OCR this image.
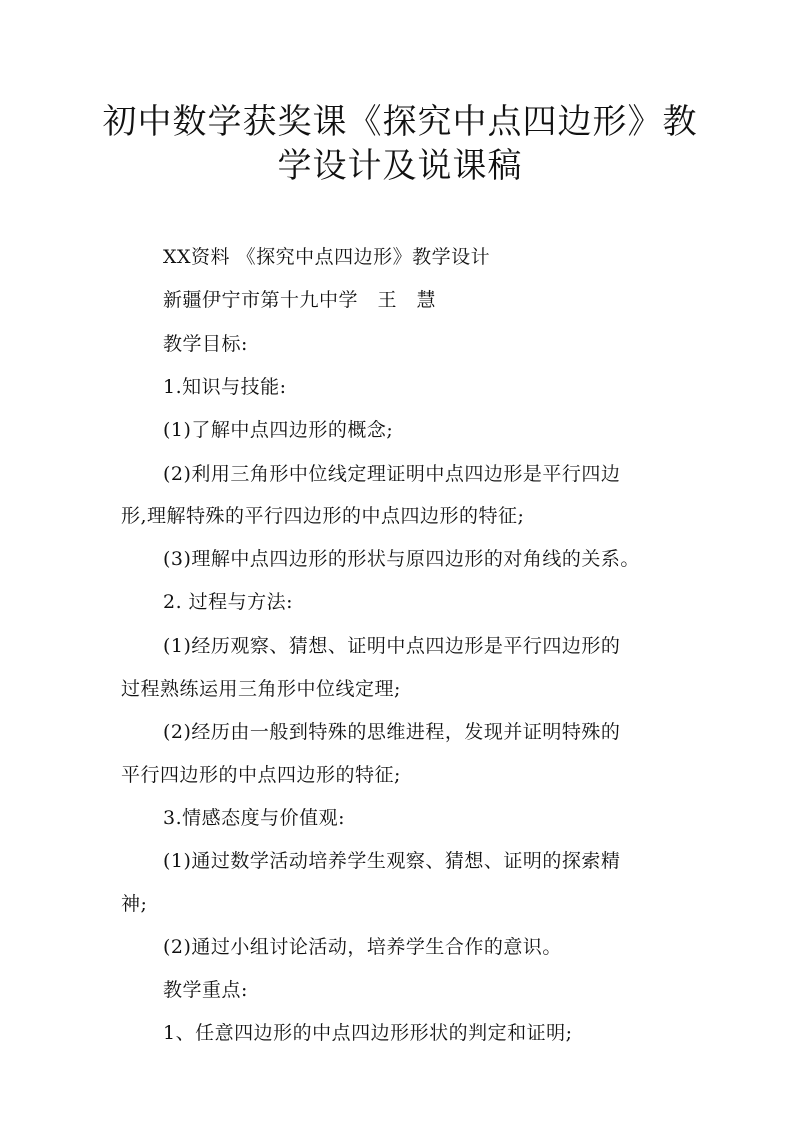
初中数学获奖课《探究中点四边形》教
学设计及说课稿
XX资料 《探究中点四边形》教学设计
新疆伊宁市第十九中学　王　慧
教学目标:
1.知识与技能:
(1)了解中点四边形的概念;
(2)利用三角形中位线定理证明中点四边形是平行四边
形,理解特殊的平行四边形的中点四边形的特征;
(3)理解中点四边形的形状与原四边形的对角线的关系。
2. 过程与方法:
(1)经历观察、猜想、证明中点四边形是平行四边形的
过程熟练运用三角形中位线定理;
(2)经历由一般到特殊的思维进程，发现并证明特殊的
平行四边形的中点四边形的特征;
3.情感态度与价值观:
(1)通过数学活动培养学生观察、猜想、证明的探索精
神;
(2)通过小组讨论活动，培养学生合作的意识。
教学重点:
1、任意四边形的中点四边形形状的判定和证明;
